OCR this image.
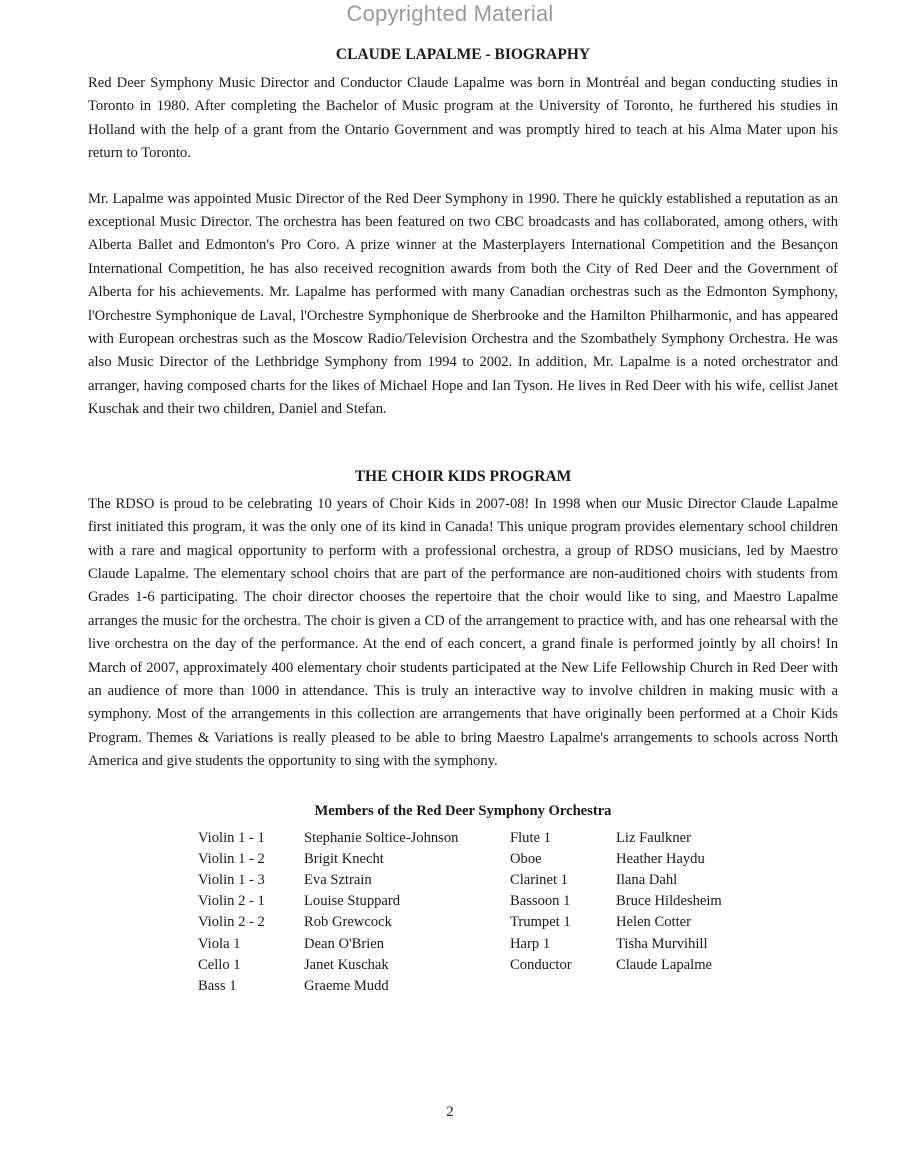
Copyrighted Material
CLAUDE LAPALME - BIOGRAPHY

Red Deer Symphony Music Director and Conductor Claude Lapalme was born in Montréal and began conducting studies in Toronto in 1980. After completing the Bachelor of Music program at the University of Toronto, he furthered his studies in Holland with the help of a grant from the Ontario Government and was promptly hired to teach at his Alma Mater upon his return to Toronto.

Mr. Lapalme was appointed Music Director of the Red Deer Symphony in 1990. There he quickly established a reputation as an exceptional Music Director. The orchestra has been featured on two CBC broadcasts and has collaborated, among others, with Alberta Ballet and Edmonton's Pro Coro. A prize winner at the Masterplayers International Competition and the Besançon International Competition, he has also received recognition awards from both the City of Red Deer and the Government of Alberta for his achievements. Mr. Lapalme has performed with many Canadian orchestras such as the Edmonton Symphony, l'Orchestre Symphonique de Laval, l'Orchestre Symphonique de Sherbrooke and the Hamilton Philharmonic, and has appeared with European orchestras such as the Moscow Radio/Television Orchestra and the Szombathely Symphony Orchestra. He was also Music Director of the Lethbridge Symphony from 1994 to 2002. In addition, Mr. Lapalme is a noted orchestrator and arranger, having composed charts for the likes of Michael Hope and Ian Tyson. He lives in Red Deer with his wife, cellist Janet Kuschak and their two children, Daniel and Stefan.

THE CHOIR KIDS PROGRAM

The RDSO is proud to be celebrating 10 years of Choir Kids in 2007-08! In 1998 when our Music Director Claude Lapalme first initiated this program, it was the only one of its kind in Canada! This unique program provides elementary school children with a rare and magical opportunity to perform with a professional orchestra, a group of RDSO musicians, led by Maestro Claude Lapalme. The elementary school choirs that are part of the performance are non-auditioned choirs with students from Grades 1-6 participating. The choir director chooses the repertoire that the choir would like to sing, and Maestro Lapalme arranges the music for the orchestra. The choir is given a CD of the arrangement to practice with, and has one rehearsal with the live orchestra on the day of the performance. At the end of each concert, a grand finale is performed jointly by all choirs! In March of 2007, approximately 400 elementary choir students participated at the New Life Fellowship Church in Red Deer with an audience of more than 1000 in attendance. This is truly an interactive way to involve children in making music with a symphony. Most of the arrangements in this collection are arrangements that have originally been performed at a Choir Kids Program. Themes & Variations is really pleased to be able to bring Maestro Lapalme's arrangements to schools across North America and give students the opportunity to sing with the symphony.

Members of the Red Deer Symphony Orchestra
Violin 1 - 1
Violin 1 - 2
Violin 1 - 3
Violin 2 - 1
Violin 2 - 2
Viola 1
Cello 1
Bass 1
Stephanie Soltice-Johnson
Brigit Knecht
Eva Sztrain
Louise Stuppard
Rob Grewcock
Dean O'Brien
Janet Kuschak
Graeme Mudd
Flute 1
Oboe
Clarinet 1
Bassoon 1
Trumpet 1
Harp 1
Conductor
Liz Faulkner
Heather Haydu
Ilana Dahl
Bruce Hildesheim
Helen Cotter
Tisha Murvihill
Claude Lapalme
2
